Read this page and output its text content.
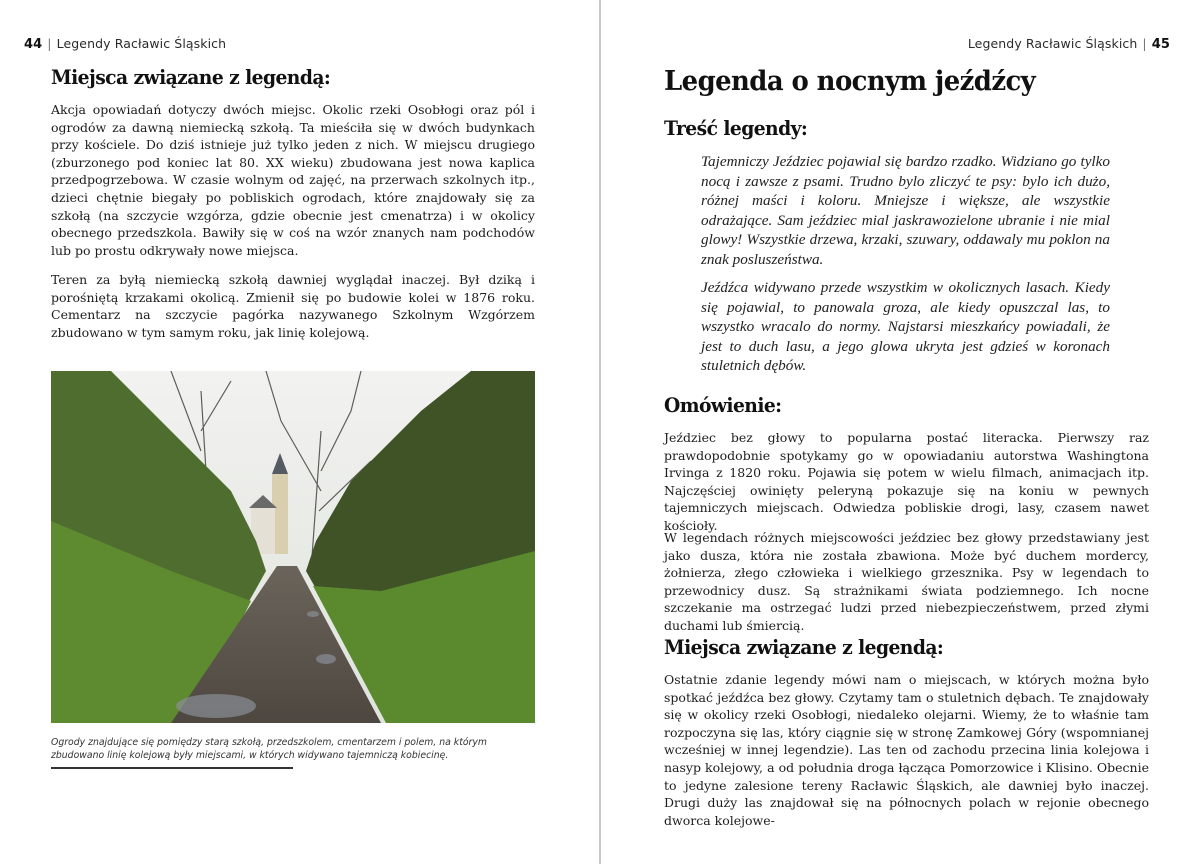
44 | Legendy Racławic Śląskich
Miejsca związane z legendą:

Akcja opowiadań dotyczy dwóch miejsc. Okolic rzeki Osobłogi oraz pól i ogrodów za dawną niemiecką szkołą. Ta mieściła się w dwóch budynkach przy kościele. Do dziś istnieje już tylko jeden z nich. W miejscu drugiego (zburzonego pod koniec lat 80. XX wieku) zbudowana jest nowa kaplica przedpogrzebowa. W czasie wolnym od zajęć, na przerwach szkolnych itp., dzieci chętnie biegały po pobliskich ogrodach, które znajdowały się za szkołą (na szczycie wzgórza, gdzie obecnie jest cmenatrza) i w okolicy obecnego przedszkola. Bawiły się w coś na wzór znanych nam podchodów lub po prostu odkrywały nowe miejsca.

Teren za byłą niemiecką szkołą dawniej wyglądał inaczej. Był dziką i porośniętą krzakami okolicą. Zmienił się po budowie kolei w 1876 roku. Cementarz na szczycie pagórka nazywanego Szkolnym Wzgórzem zbudowano w tym samym roku, jak linię kolejową.

Ogrody znajdujące się pomiędzy starą szkołą, przedszkolem, cmentarzem i polem, na którym zbudowano linię kolejową były miejscami, w których widywano tajemniczą kobiecinę.
Legendy Racławic Śląskich | 45
Legenda o nocnym jeźdźcy
Treść legendy:

Tajemniczy Jeździec pojawial się bardzo rzadko. Widziano go tylko nocą i zawsze z psami. Trudno bylo zliczyć te psy: bylo ich dużo, różnej maści i koloru. Mniejsze i większe, ale wszystkie odrażające. Sam jeździec mial jaskrawozielone ubranie i nie mial glowy! Wszystkie drzewa, krzaki, szuwary, oddawaly mu poklon na znak posluszeństwa.

Jeźdźca widywano przede wszystkim w okolicznych lasach. Kiedy się pojawial, to panowala groza, ale kiedy opuszczal las, to wszystko wracalo do normy. Najstarsi mieszkańcy powiadali, że jest to duch lasu, a jego glowa ukryta jest gdzieś w koronach stuletnich dębów.

Omówienie:

Jeździec bez głowy to popularna postać literacka. Pierwszy raz prawdopodobnie spotykamy go w opowiadaniu autorstwa Washingtona Irvinga z 1820 roku. Pojawia się potem w wielu filmach, animacjach itp. Najczęściej owinięty peleryną pokazuje się na koniu w pewnych tajemniczych miejscach. Odwiedza pobliskie drogi, lasy, czasem nawet kościoły.

W legendach różnych miejscowości jeździec bez głowy przedstawiany jest jako dusza, która nie została zbawiona. Może być duchem mordercy, żołnierza, złego człowieka i wielkiego grzesznika. Psy w legendach to przewodnicy dusz. Są strażnikami świata podziemnego. Ich nocne szczekanie ma ostrzegać ludzi przed niebezpieczeństwem, przed złymi duchami lub śmiercią.

Miejsca związane z legendą:

Ostatnie zdanie legendy mówi nam o miejscach, w których można było spotkać jeźdźca bez głowy. Czytamy tam o stuletnich dębach. Te znajdowały się w okolicy rzeki Osobłogi, niedaleko olejarni. Wiemy, że to właśnie tam rozpoczyna się las, który ciągnie się w stronę Zamkowej Góry (wspomnianej wcześniej w innej legendzie). Las ten od zachodu przecina linia kolejowa i nasyp kolejowy, a od południa droga łącząca Pomorzowice i Klisino. Obecnie to jedyne zalesione tereny Racławic Śląskich, ale dawniej było inaczej. Drugi duży las znajdował się na północnych polach w rejonie obecnego dworca kolejowe-
